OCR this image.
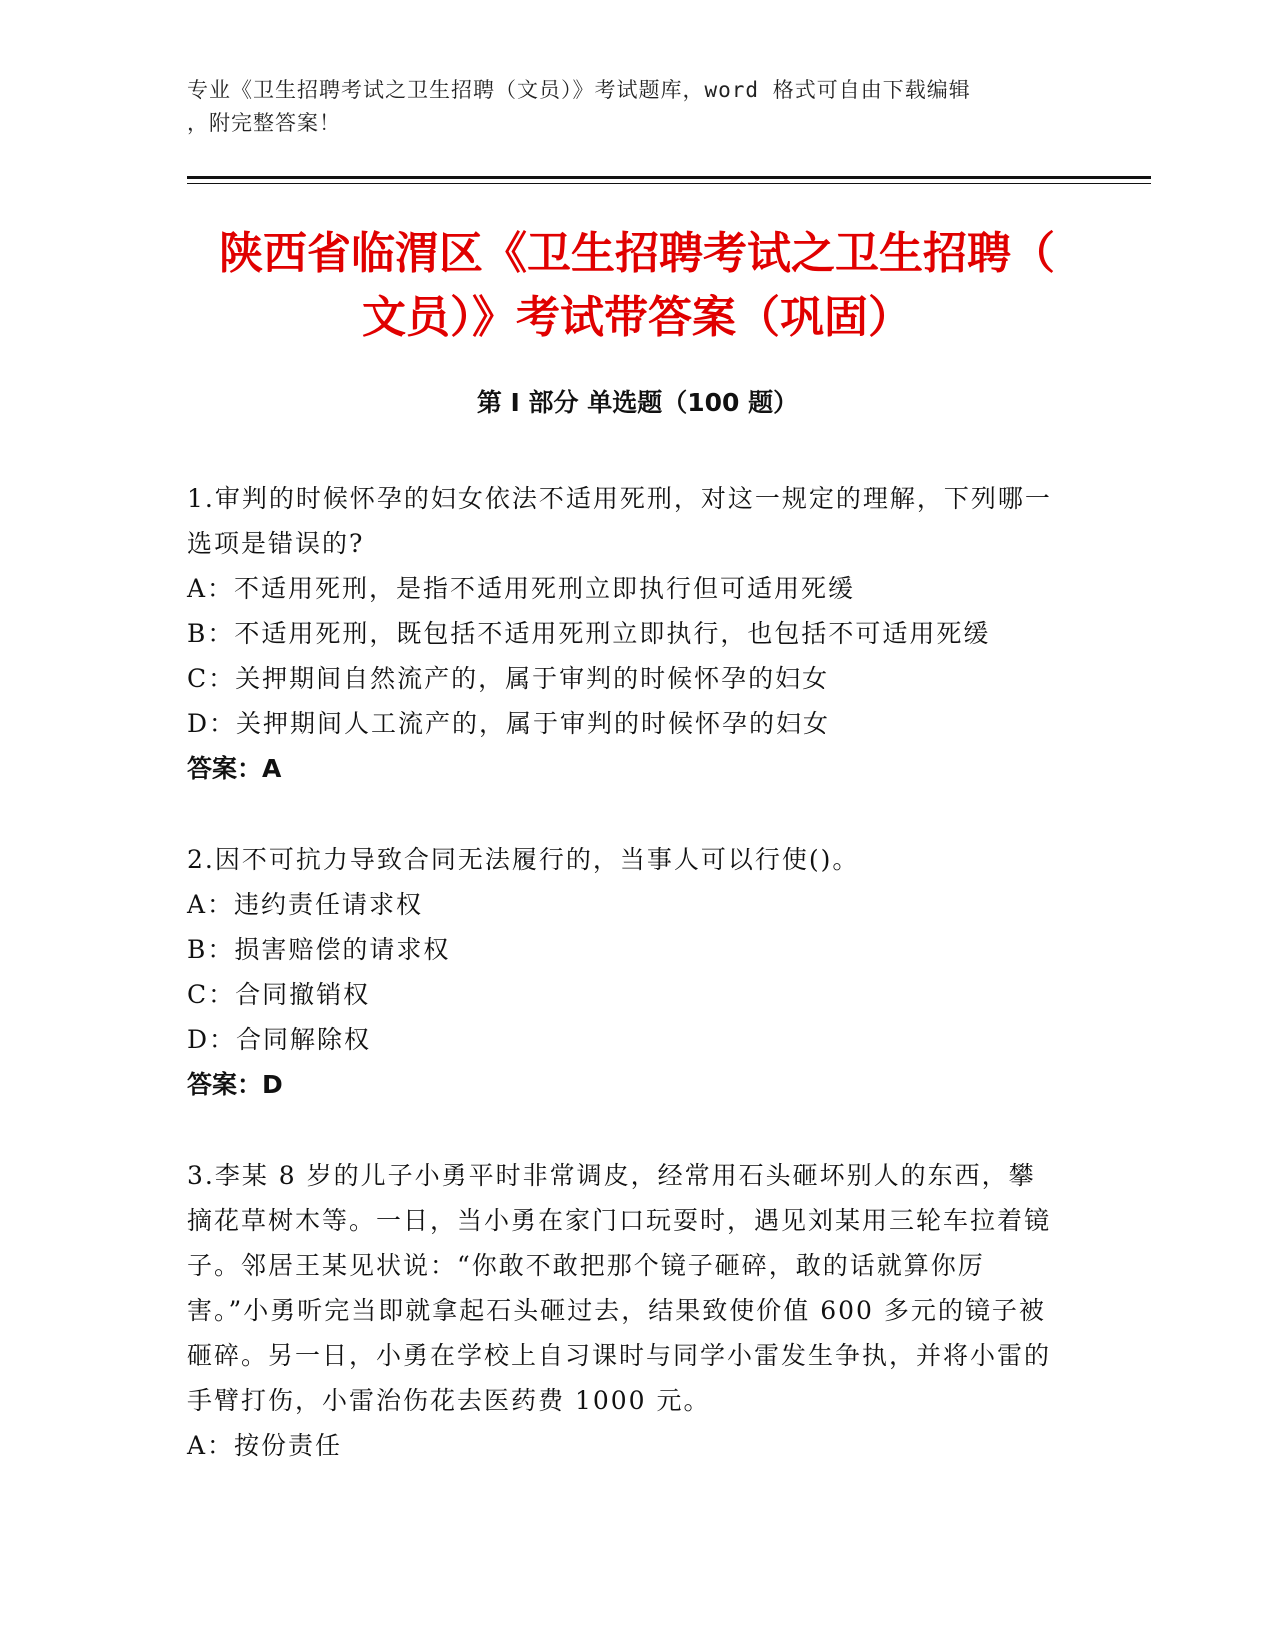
专业《卫生招聘考试之卫生招聘（文员）》考试题库，word 格式可自由下载编辑
，附完整答案！
陕西省临渭区《卫生招聘考试之卫生招聘（
文员）》考试带答案（巩固）
第 I 部分 单选题（100 题）

1.审判的时候怀孕的妇女依法不适用死刑，对这一规定的理解，下列哪一选项是错误的?

A：不适用死刑，是指不适用死刑立即执行但可适用死缓

B：不适用死刑，既包括不适用死刑立即执行，也包括不可适用死缓

C：关押期间自然流产的，属于审判的时候怀孕的妇女

D：关押期间人工流产的，属于审判的时候怀孕的妇女

答案：A

2.因不可抗力导致合同无法履行的，当事人可以行使()。

A：违约责任请求权

B：损害赔偿的请求权

C：合同撤销权

D：合同解除权

答案：D

3.李某 8 岁的儿子小勇平时非常调皮，经常用石头砸坏别人的东西，攀摘花草树木等。一日，当小勇在家门口玩耍时，遇见刘某用三轮车拉着镜子。邻居王某见状说：“你敢不敢把那个镜子砸碎，敢的话就算你厉害。”小勇听完当即就拿起石头砸过去，结果致使价值 600 多元的镜子被砸碎。另一日，小勇在学校上自习课时与同学小雷发生争执，并将小雷的手臂打伤，小雷治伤花去医药费 1000 元。

A：按份责任
